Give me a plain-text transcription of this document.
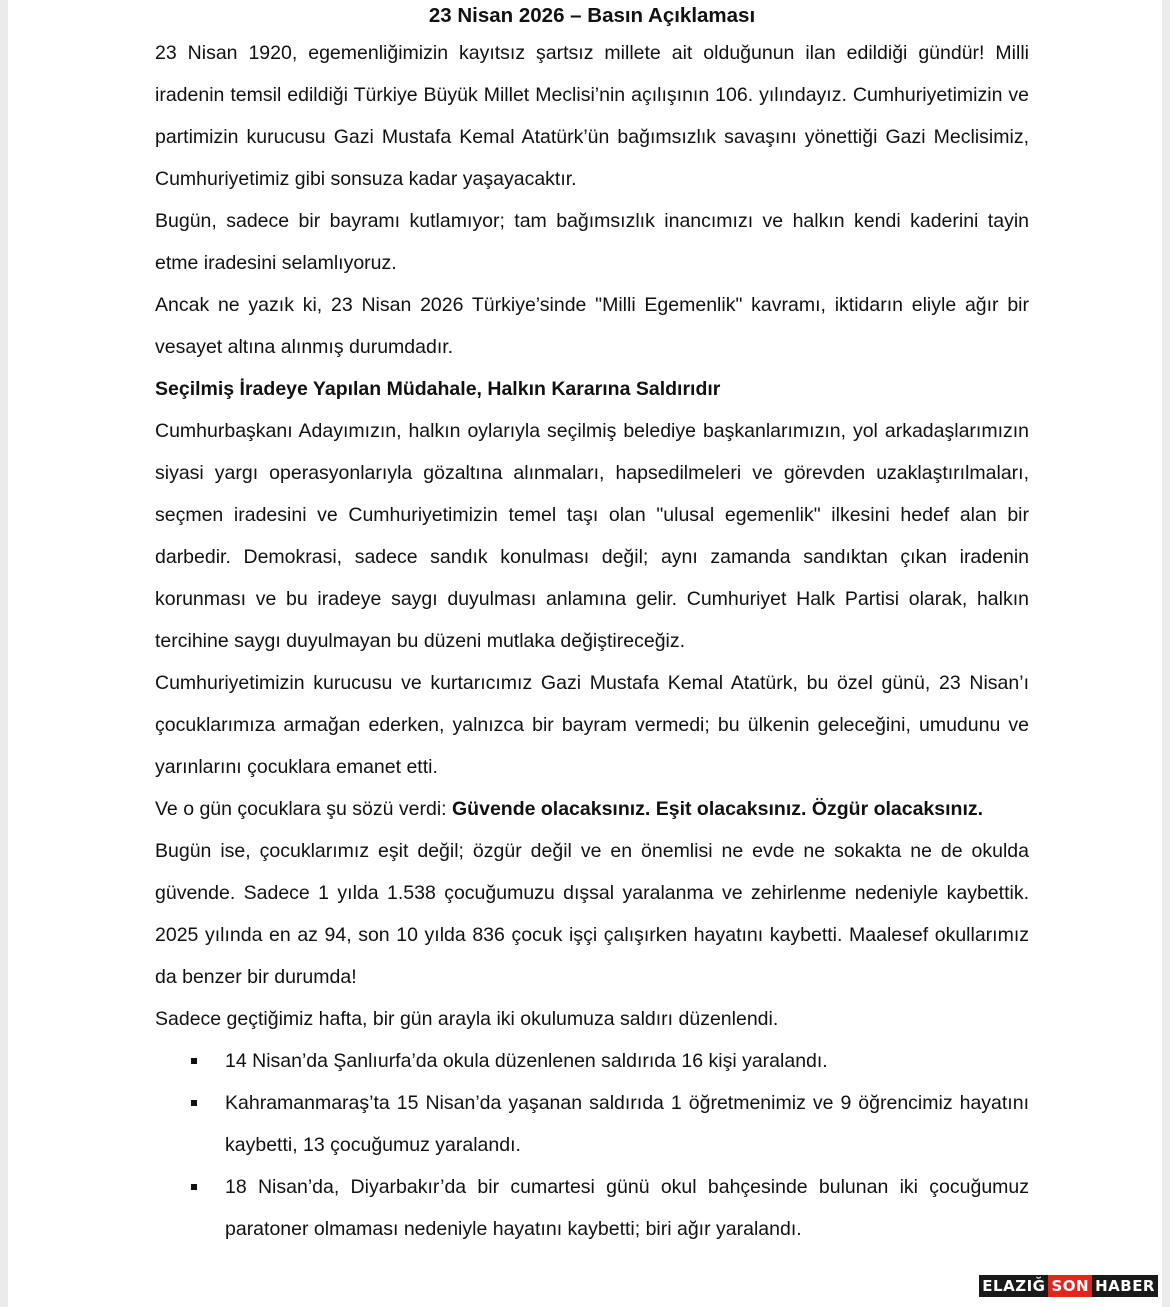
23 Nisan 2026 – Basın Açıklaması

23 Nisan 1920, egemenliğimizin kayıtsız şartsız millete ait olduğunun ilan edildiği gündür! Milli iradenin temsil edildiği Türkiye Büyük Millet Meclisi’nin açılışının 106. yılındayız. Cumhuriyetimizin ve partimizin kurucusu Gazi Mustafa Kemal Atatürk’ün bağımsızlık savaşını yönettiği Gazi Meclisimiz, Cumhuriyetimiz gibi sonsuza kadar yaşayacaktır.

Bugün, sadece bir bayramı kutlamıyor; tam bağımsızlık inancımızı ve halkın kendi kaderini tayin etme iradesini selamlıyoruz.

Ancak ne yazık ki, 23 Nisan 2026 Türkiye’sinde "Milli Egemenlik" kavramı, iktidarın eliyle ağır bir vesayet altına alınmış durumdadır.

Seçilmiş İradeye Yapılan Müdahale, Halkın Kararına Saldırıdır

Cumhurbaşkanı Adayımızın, halkın oylarıyla seçilmiş belediye başkanlarımızın, yol arkadaşlarımızın siyasi yargı operasyonlarıyla gözaltına alınmaları, hapsedilmeleri ve görevden uzaklaştırılmaları, seçmen iradesini ve Cumhuriyetimizin temel taşı olan "ulusal egemenlik" ilkesini hedef alan bir darbedir. Demokrasi, sadece sandık konulması değil; aynı zamanda sandıktan çıkan iradenin korunması ve bu iradeye saygı duyulması anlamına gelir. Cumhuriyet Halk Partisi olarak, halkın tercihine saygı duyulmayan bu düzeni mutlaka değiştireceğiz.

Cumhuriyetimizin kurucusu ve kurtarıcımız Gazi Mustafa Kemal Atatürk, bu özel günü, 23 Nisan’ı çocuklarımıza armağan ederken, yalnızca bir bayram vermedi; bu ülkenin geleceğini, umudunu ve yarınlarını çocuklara emanet etti.

Ve o gün çocuklara şu sözü verdi: Güvende olacaksınız. Eşit olacaksınız. Özgür olacaksınız.

Bugün ise, çocuklarımız eşit değil; özgür değil ve en önemlisi ne evde ne sokakta ne de okulda güvende. Sadece 1 yılda 1.538 çocuğumuzu dışsal yaralanma ve zehirlenme nedeniyle kaybettik. 2025 yılında en az 94, son 10 yılda 836 çocuk işçi çalışırken hayatını kaybetti. Maalesef okullarımız da benzer bir durumda!

Sadece geçtiğimiz hafta, bir gün arayla iki okulumuza saldırı düzenlendi.

14 Nisan’da Şanlıurfa’da okula düzenlenen saldırıda 16 kişi yaralandı.
Kahramanmaraş’ta 15 Nisan’da yaşanan saldırıda 1 öğretmenimiz ve 9 öğrencimiz hayatını kaybetti, 13 çocuğumuz yaralandı.
18 Nisan’da, Diyarbakır’da bir cumartesi günü okul bahçesinde bulunan iki çocuğumuz paratoner olmaması nedeniyle hayatını kaybetti; biri ağır yaralandı.
ELAZIĞ SON HABER
